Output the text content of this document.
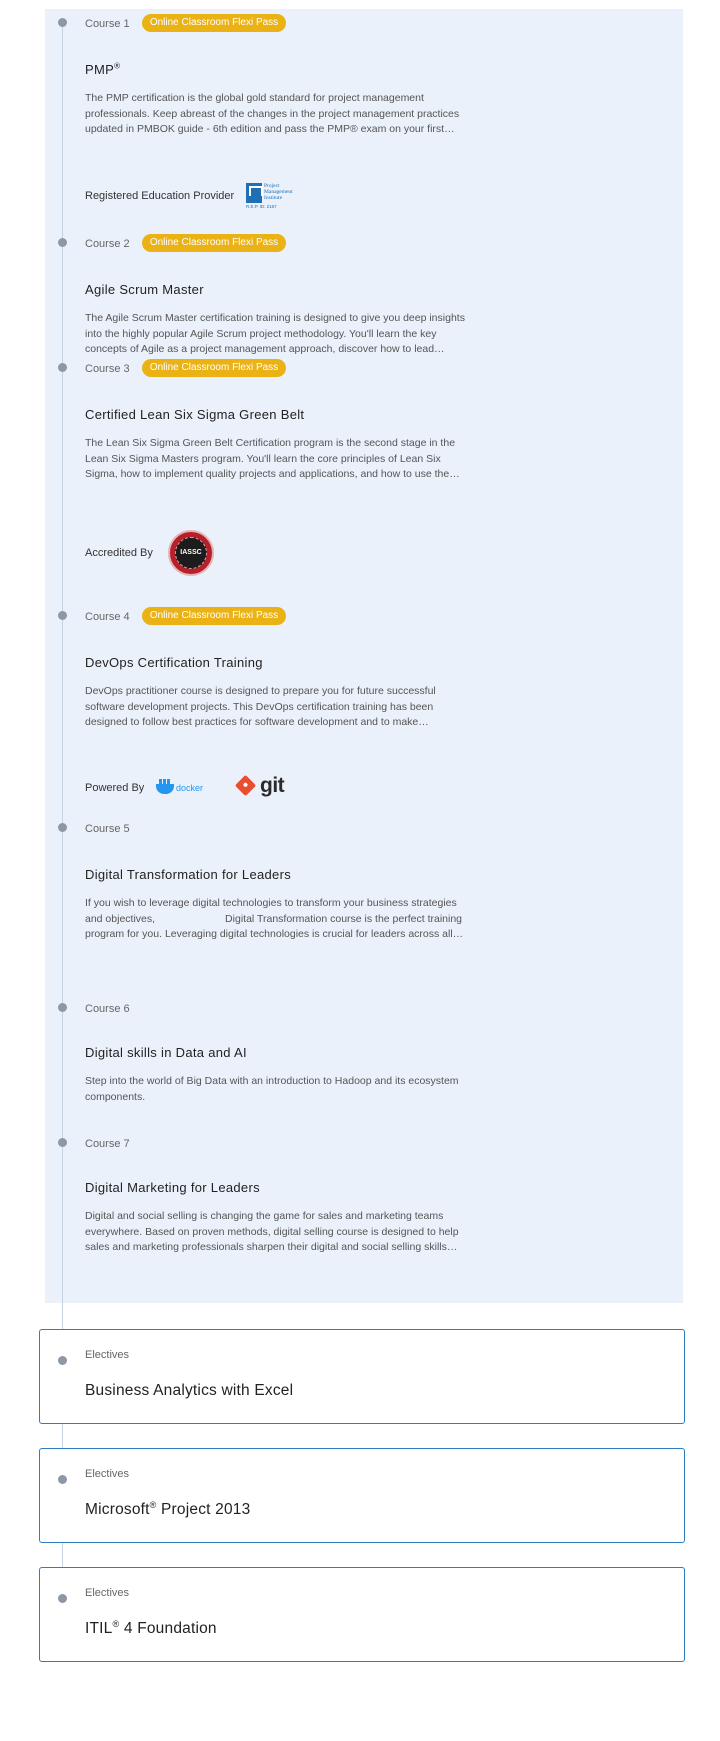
Course 1	Online Classroom Flexi Pass
PMP®
The PMP certification is the global gold standard for project management professionals. Keep abreast of the changes in the project management practices updated in PMBOK guide - 6th edition and pass the PMP® exam on your first…
Registered Education Provider
Project
Management
Institute
R.E.P. ID: 2167
Course 2	Online Classroom Flexi Pass
Agile Scrum Master
The Agile Scrum Master certification training is designed to give you deep insights into the highly popular Agile Scrum project methodology. You'll learn the key concepts of Agile as a project management approach, discover how to lead…
Course 3	Online Classroom Flexi Pass
Certified Lean Six Sigma Green Belt
The Lean Six Sigma Green Belt Certification program is the second stage in the Lean Six Sigma Masters program. You'll learn the core principles of Lean Six Sigma, how to implement quality projects and applications, and how to use the…
Accredited By	IASSC
Course 4	Online Classroom Flexi Pass
DevOps Certification Training
DevOps practitioner course is designed to prepare you for future successful software development projects. This DevOps certification training has been designed to follow best practices for software development and to make…
Powered By	docker	git
Course 5
Digital Transformation for Leaders
If you wish to leverage digital technologies to transform your business strategies and objectives,                        Digital Transformation course is the perfect training program for you. Leveraging digital technologies is crucial for leaders across all…
Course 6
Digital skills in Data and AI
Step into the world of Big Data with an introduction to Hadoop and its ecosystem components.
Course 7
Digital Marketing for Leaders
Digital and social selling is changing the game for sales and marketing teams everywhere. Based on proven methods, digital selling course is designed to help sales and marketing professionals sharpen their digital and social selling skills…
Electives
Business Analytics with Excel
Electives
Microsoft® Project 2013
Electives
ITIL® 4 Foundation
